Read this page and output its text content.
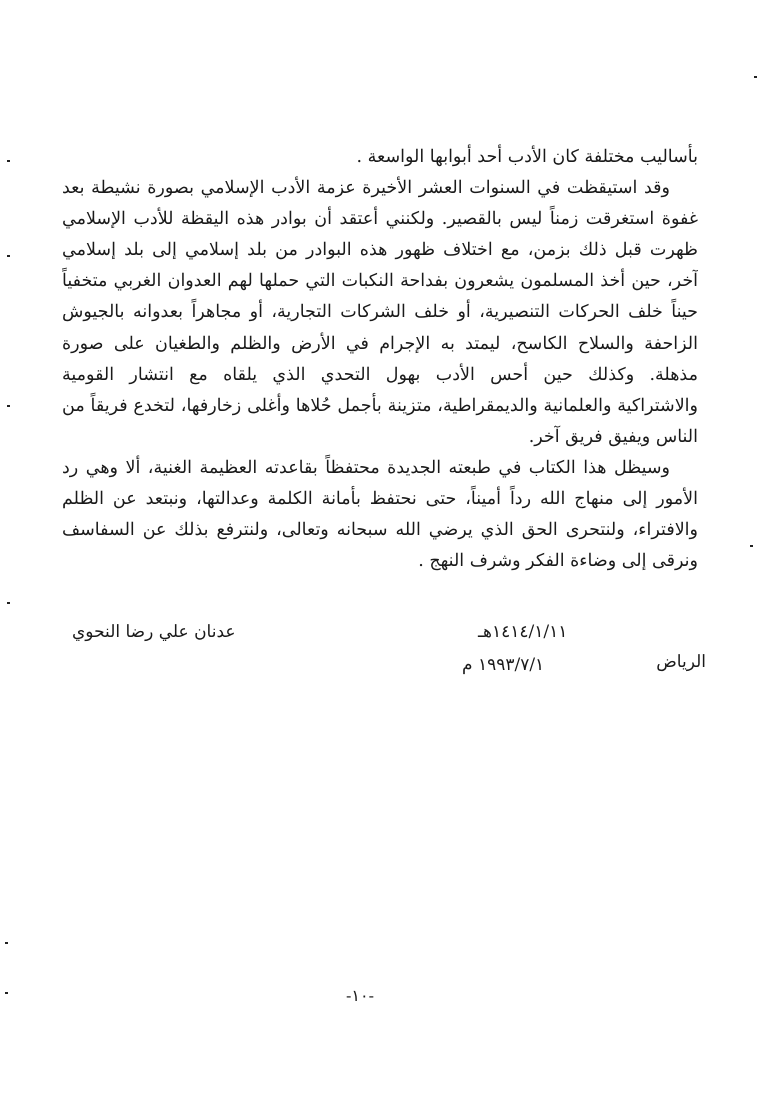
بأساليب مختلفة كان الأدب أحد أبوابها الواسعة .
وقد استيقظت في السنوات العشر الأخيرة عزمة الأدب الإسلامي بصورة نشيطة بعد
غفوة استغرقت زمناً ليس بالقصير. ولكنني أعتقد أن بوادر هذه اليقظة للأدب الإسلامي
ظهرت قبل ذلك بزمن، مع اختلاف ظهور هذه البوادر من بلد إسلامي إلى بلد إسلامي
آخر، حين أخذ المسلمون يشعرون بفداحة النكبات التي حملها لهم العدوان الغربي متخفياً
حيناً خلف الحركات التنصيرية، أو خلف الشركات التجارية، أو مجاهراً بعدوانه بالجيوش
الزاحفة والسلاح الكاسح، ليمتد به الإجرام في الأرض والظلم والطغيان على صورة
مذهلة. وكذلك حين أحس الأدب بهول التحدي الذي يلقاه مع انتشار القومية
والاشتراكية والعلمانية والديمقراطية، متزينة بأجمل حُلاها وأغلى زخارفها، لتخدع فريقاً من
الناس ويفيق فريق آخر.
وسيظل هذا الكتاب في طبعته الجديدة محتفظاً بقاعدته العظيمة الغنية، ألا وهي رد
الأمور إلى منهاج الله رداً أميناً، حتى نحتفظ بأمانة الكلمة وعدالتها، ونبتعد عن الظلم
والافتراء، ولنتحرى الحق الذي يرضي الله سبحانه وتعالى، ولنترفع بذلك عن السفاسف
ونرقى إلى وضاءة الفكر وشرف النهج .
عدنان علي رضا النحوي	١٤١٤/١/١١هـ
الرياض
١٩٩٣/٧/١ م
-١٠-
